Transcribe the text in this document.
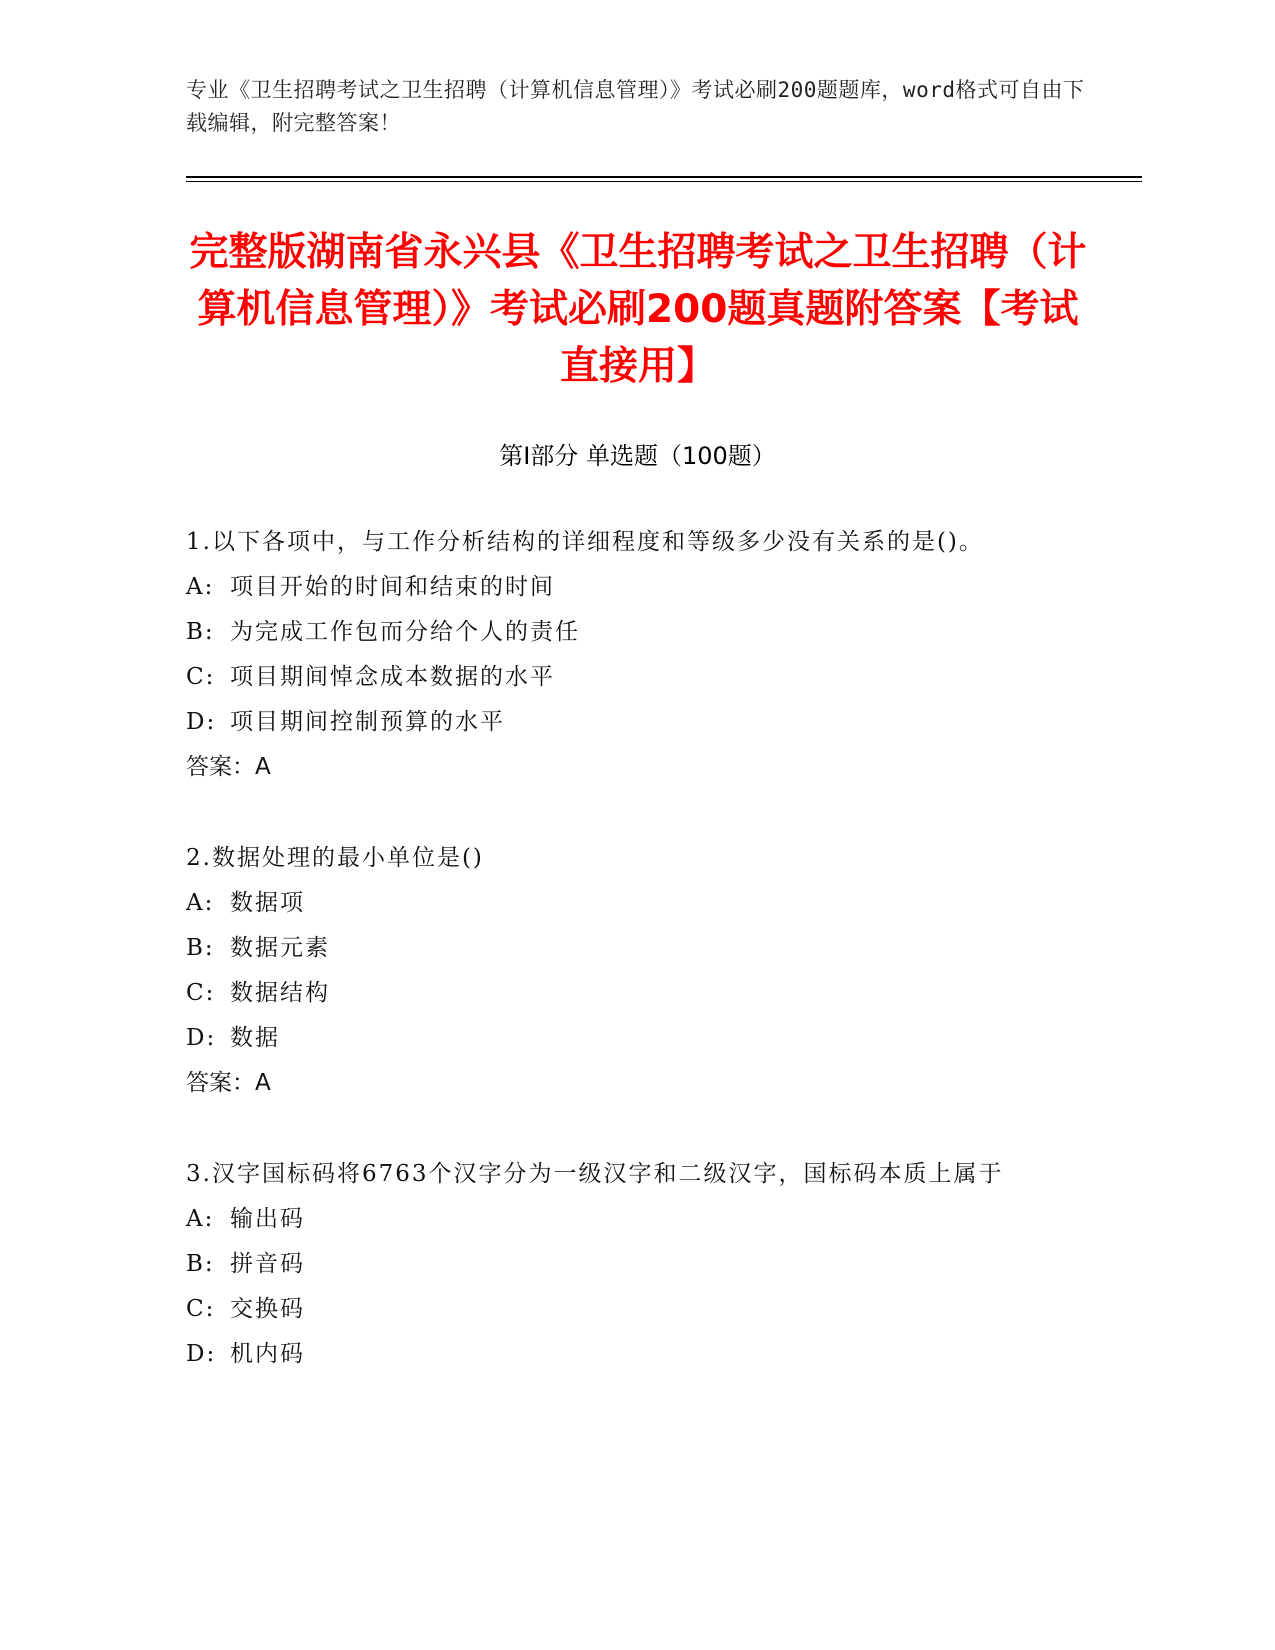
专业《卫生招聘考试之卫生招聘（计算机信息管理）》考试必刷200题题库，word格式可自由下载编辑，附完整答案！
完整版湖南省永兴县《卫生招聘考试之卫生招聘（计算机信息管理）》考试必刷200题真题附答案【考试直接用】
第Ⅰ部分 单选题（100题）
1.以下各项中，与工作分析结构的详细程度和等级多少没有关系的是()。
A: 项目开始的时间和结束的时间
B: 为完成工作包而分给个人的责任
C: 项目期间悼念成本数据的水平
D: 项目期间控制预算的水平
答案：A
2.数据处理的最小单位是()
A: 数据项
B: 数据元素
C: 数据结构
D: 数据
答案：A
3.汉字国标码将6763个汉字分为一级汉字和二级汉字，国标码本质上属于
A: 输出码
B: 拼音码
C: 交换码
D: 机内码
